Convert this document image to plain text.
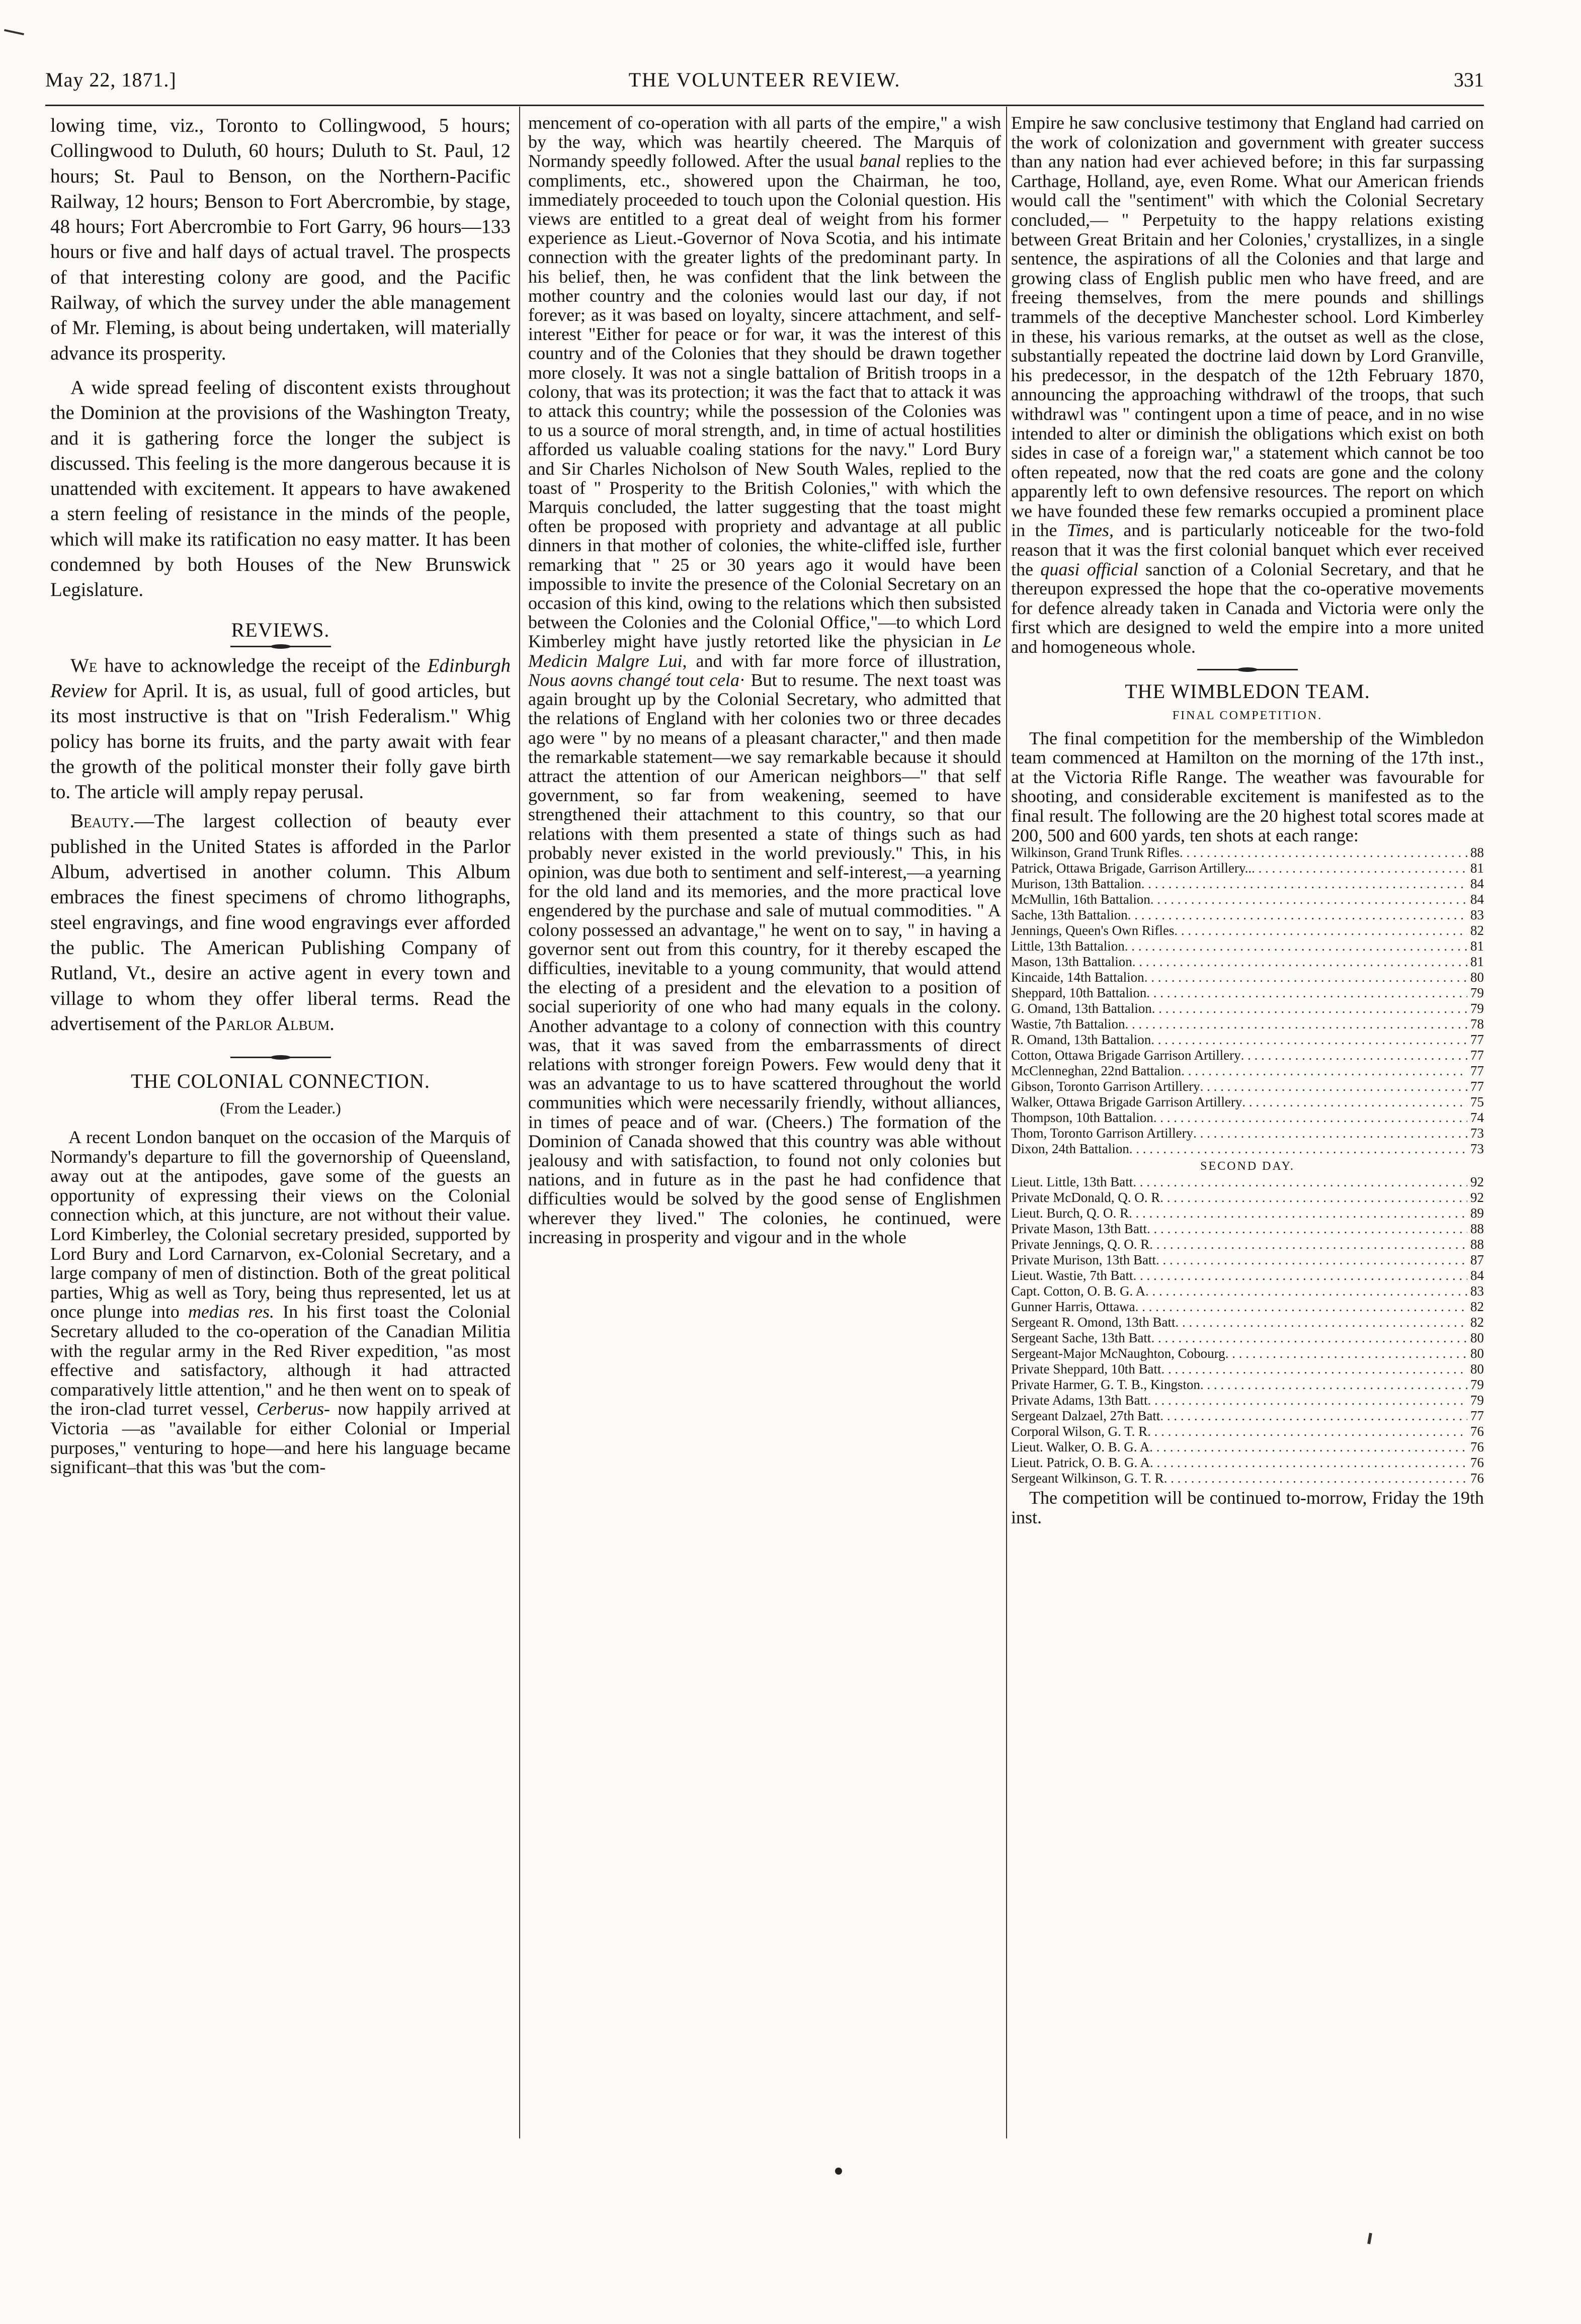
May 22, 1871.]	THE VOLUNTEER REVIEW.	331

lowing time, viz., Toronto to Collingwood, 5 hours; Collingwood to Duluth, 60 hours; Duluth to St. Paul, 12 hours; St. Paul to Benson, on the Northern-Pacific Railway, 12 hours; Benson to Fort Abercrombie, by stage, 48 hours; Fort Abercrombie to Fort Garry, 96 hours—133 hours or five and half days of actual travel. The prospects of that interesting colony are good, and the Pacific Railway, of which the survey under the able management of Mr. Fleming, is about being undertaken, will materially advance its prosperity.

A wide spread feeling of discontent exists throughout the Dominion at the provisions of the Washington Treaty, and it is gathering force the longer the subject is discussed. This feeling is the more dangerous because it is unattended with excitement. It appears to have awakened a stern feeling of resistance in the minds of the people, which will make its ratification no easy matter. It has been condemned by both Houses of the New Brunswick Legislature.

REVIEWS.

We have to acknowledge the receipt of the Edinburgh Review for April. It is, as usual, full of good articles, but its most instructive is that on "Irish Federalism." Whig policy has borne its fruits, and the party await with fear the growth of the political monster their folly gave birth to. The article will amply repay perusal.

Beauty.—The largest collection of beauty ever published in the United States is afforded in the Parlor Album, advertised in another column. This Album embraces the finest specimens of chromo lithographs, steel engravings, and fine wood engravings ever afforded the public. The American Publishing Company of Rutland, Vt., desire an active agent in every town and village to whom they offer liberal terms. Read the advertisement of the Parlor Album.

THE COLONIAL CONNECTION.
(From the Leader.)

A recent London banquet on the occasion of the Marquis of Normandy's departure to fill the governorship of Queensland, away out at the antipodes, gave some of the guests an opportunity of expressing their views on the Colonial connection which, at this juncture, are not without their value. Lord Kimberley, the Colonial secretary presided, supported by Lord Bury and Lord Carnarvon, ex-Colonial Secretary, and a large company of men of distinction. Both of the great political parties, Whig as well as Tory, being thus represented, let us at once plunge into medias res. In his first toast the Colonial Secretary alluded to the co-operation of the Canadian Militia with the regular army in the Red River expedition, "as most effective and satisfactory, although it had attracted comparatively little attention," and he then went on to speak of the iron-clad turret vessel, Cerberus- now happily arrived at Victoria —as "available for either Colonial or Imperial purposes," venturing to hope—and here his language became significant–that this was 'but the com-

mencement of co-operation with all parts of the empire," a wish by the way, which was heartily cheered. The Marquis of Normandy speedly followed. After the usual banal replies to the compliments, etc., showered upon the Chairman, he too, immediately proceeded to touch upon the Colonial question. His views are entitled to a great deal of weight from his former experience as Lieut.-Governor of Nova Scotia, and his intimate connection with the greater lights of the predominant party. In his belief, then, he was confident that the link between the mother country and the colonies would last our day, if not forever; as it was based on loyalty, sincere attachment, and self-interest "Either for peace or for war, it was the interest of this country and of the Colonies that they should be drawn together more closely. It was not a single battalion of British troops in a colony, that was its protection; it was the fact that to attack it was to attack this country; while the possession of the Colonies was to us a source of moral strength, and, in time of actual hostilities afforded us valuable coaling stations for the navy." Lord Bury and Sir Charles Nicholson of New South Wales, replied to the toast of " Prosperity to the British Colonies," with which the Marquis concluded, the latter suggesting that the toast might often be proposed with propriety and advantage at all public dinners in that mother of colonies, the white-cliffed isle, further remarking that " 25 or 30 years ago it would have been impossible to invite the presence of the Colonial Secretary on an occasion of this kind, owing to the relations which then subsisted between the Colonies and the Colonial Office,"—to which Lord Kimberley might have justly retorted like the physician in Le Medicin Malgre Lui, and with far more force of illustration, Nous aovns changé tout cela· But to resume. The next toast was again brought up by the Colonial Secretary, who admitted that the relations of England with her colonies two or three decades ago were " by no means of a pleasant character," and then made the remarkable statement—we say remarkable because it should attract the attention of our American neighbors—" that self government, so far from weakening, seemed to have strengthened their attachment to this country, so that our relations with them presented a state of things such as had probably never existed in the world previously." This, in his opinion, was due both to sentiment and self-interest,—a yearning for the old land and its memories, and the more practical love engendered by the purchase and sale of mutual commodities. " A colony possessed an advantage," he went on to say, " in having a governor sent out from this country, for it thereby escaped the difficulties, inevitable to a young community, that would attend the electing of a president and the elevation to a position of social superiority of one who had many equals in the colony. Another advantage to a colony of connection with this country was, that it was saved from the embarrassments of direct relations with stronger foreign Powers. Few would deny that it was an advantage to us to have scattered throughout the world communities which were necessarily friendly, without alliances, in times of peace and of war. (Cheers.) The formation of the Dominion of Canada showed that this country was able without jealousy and with satisfaction, to found not only colonies but nations, and in future as in the past he had confidence that difficulties would be solved by the good sense of Englishmen wherever they lived." The colonies, he continued, were increasing in prosperity and vigour and in the whole

Empire he saw conclusive testimony that England had carried on the work of colonization and government with greater success than any nation had ever achieved before; in this far surpassing Carthage, Holland, aye, even Rome. What our American friends would call the "sentiment" with which the Colonial Secretary concluded,— " Perpetuity to the happy relations existing between Great Britain and her Colonies,' crystallizes, in a single sentence, the aspirations of all the Colonies and that large and growing class of English public men who have freed, and are freeing themselves, from the mere pounds and shillings trammels of the deceptive Manchester school. Lord Kimberley in these, his various remarks, at the outset as well as the close, substantially repeated the doctrine laid down by Lord Granville, his predecessor, in the despatch of the 12th February 1870, announcing the approaching withdrawl of the troops, that such withdrawl was " contingent upon a time of peace, and in no wise intended to alter or diminish the obligations which exist on both sides in case of a foreign war," a statement which cannot be too often repeated, now that the red coats are gone and the colony apparently left to own defensive resources. The report on which we have founded these few remarks occupied a prominent place in the Times, and is particularly noticeable for the two-fold reason that it was the first colonial banquet which ever received the quasi official sanction of a Colonial Secretary, and that he thereupon expressed the hope that the co-operative movements for defence already taken in Canada and Victoria were only the first which are designed to weld the empire into a more united and homogeneous whole.

THE WIMBLEDON TEAM.
FINAL COMPETITION.

The final competition for the membership of the Wimbledon team commenced at Hamilton on the morning of the 17th inst., at the Victoria Rifle Range. The weather was favourable for shooting, and considerable excitement is manifested as to the final result. The following are the 20 highest total scores made at 200, 500 and 600 yards, ten shots at each range:

Wilkinson, Grand Trunk Rifles . . .	88
Patrick, Ottawa Brigade, Garrison Artillery.. . . .	81
Murison, 13th Battalion . . .	84
McMullin, 16th Battalion . . .	84
Sache, 13th Battalion . . .	83
Jennings, Queen's Own Rifles . . .	82
Little, 13th Battalion . . .	81
Mason, 13th Battalion . . .	81
Kincaide, 14th Battalion . . .	80
Sheppard, 10th Battalion . . .	79
G. Omand, 13th Battalion . . .	79
Wastie, 7th Battalion . . .	78
R. Omand, 13th Battalion . . .	77
Cotton, Ottawa Brigade Garrison Artillery . . .	77
McClenneghan, 22nd Battalion . . .	77
Gibson, Toronto Garrison Artillery . . .	77
Walker, Ottawa Brigade Garrison Artillery . . .	75
Thompson, 10th Battalion . . .	74
Thom, Toronto Garrison Artillery . . .	73
Dixon, 24th Battalion . . .	73
SECOND DAY.
Lieut. Little, 13th Batt . . .	92
Private McDonald, Q. O. R . . .	92
Lieut. Burch, Q. O. R . . .	89
Private Mason, 13th Batt . . .	88
Private Jennings, Q. O. R . . .	88
Private Murison, 13th Batt . . .	87
Lieut. Wastie, 7th Batt . . .	84
Capt. Cotton, O. B. G. A . . .	83
Gunner Harris, Ottawa . . .	82
Sergeant R. Omond, 13th Batt . . .	82
Sergeant Sache, 13th Batt . . .	80
Sergeant-Major McNaughton, Cobourg . . .	80
Private Sheppard, 10th Batt . . .	80
Private Harmer, G. T. B., Kingston . . .	79
Private Adams, 13th Batt . . .	79
Sergeant Dalzael, 27th Batt . . .	77
Corporal Wilson, G. T. R . . .	76
Lieut. Walker, O. B. G. A . . .	76
Lieut. Patrick, O. B. G. A . . .	76
Sergeant Wilkinson, G. T. R . . .	76

The competition will be continued to-morrow, Friday the 19th inst.
